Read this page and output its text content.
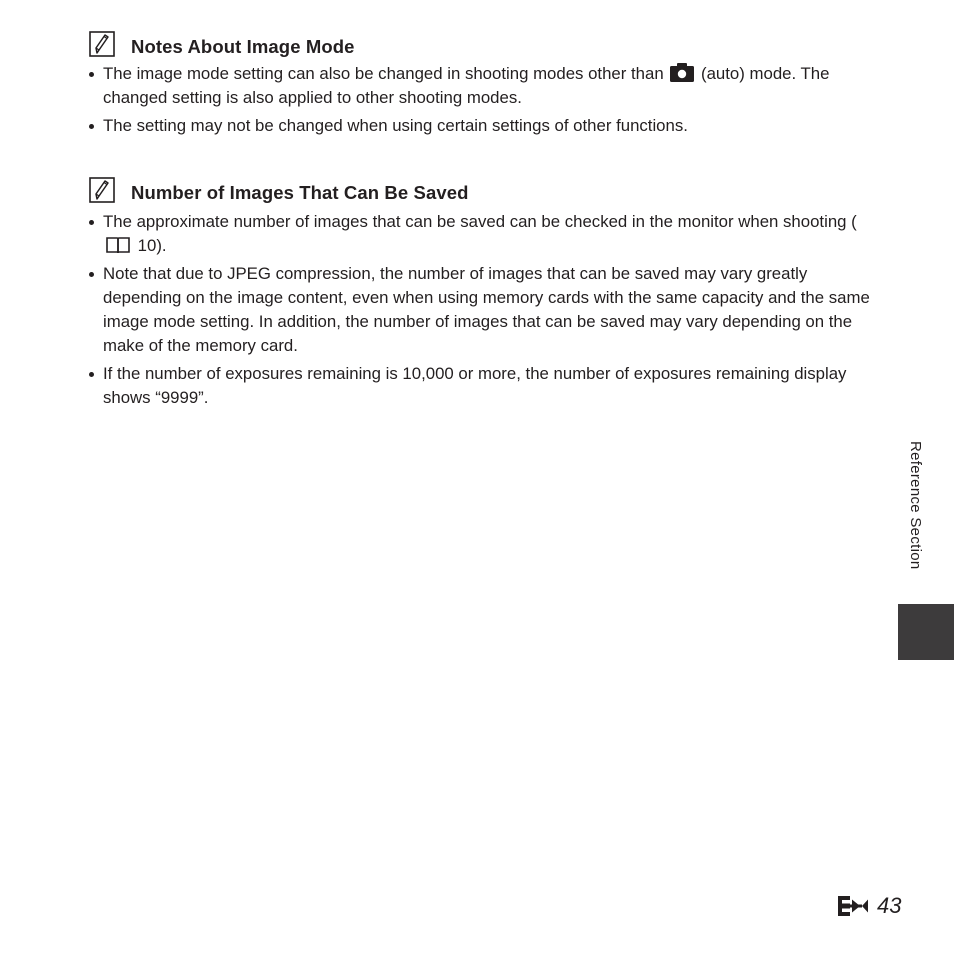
Notes About Image Mode
The image mode setting can also be changed in shooting modes other than  (auto) mode. The changed setting is also applied to other shooting modes.
The setting may not be changed when using certain settings of other functions.
Number of Images That Can Be Saved
The approximate number of images that can be saved can be checked in the monitor when shooting ( 10).
Note that due to JPEG compression, the number of images that can be saved may vary greatly depending on the image content, even when using memory cards with the same capacity and the same image mode setting. In addition, the number of images that can be saved may vary depending on the make of the memory card.
If the number of exposures remaining is 10,000 or more, the number of exposures remaining display shows “9999”.
Reference Section
43
